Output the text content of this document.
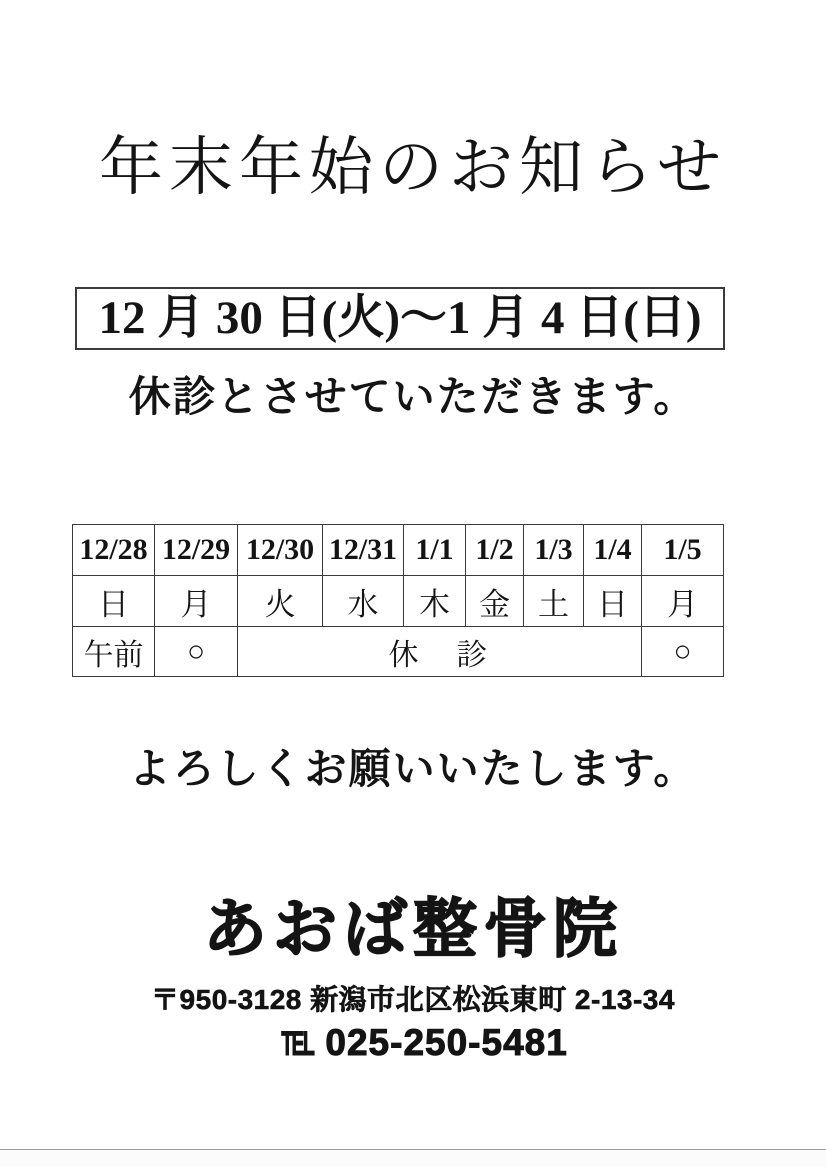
年末年始のお知らせ
12 月 30 日(火)～1 月 4 日(日)
休診とさせていただきます。
12/28	12/29	12/30	12/31	1/1	1/2	1/3	1/4	1/5
日	月	火	水	木	金	土	日	月
午前	○	休　診						○
よろしくお願いいたします。
あおば整骨院
〒950-3128 新潟市北区松浜東町 2-13-34
TEL 025-250-5481
